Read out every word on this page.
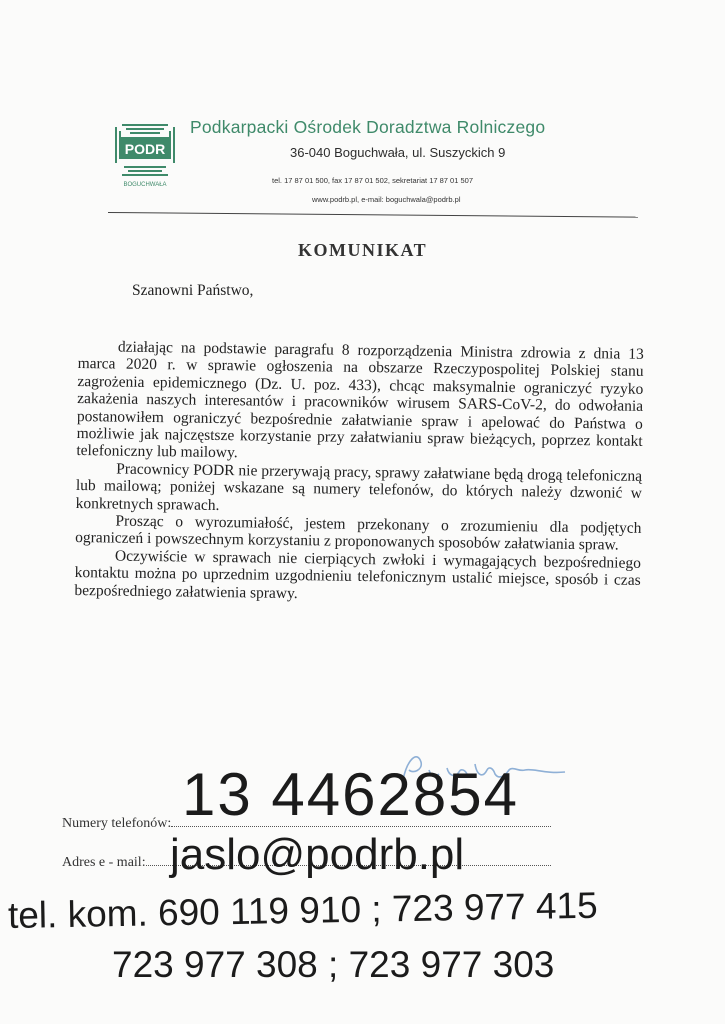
PODR
BOGUCHWAŁA
Podkarpacki Ośrodek Doradztwa Rolniczego
36-040 Boguchwała, ul. Suszyckich 9
tel. 17 87 01 500, fax 17 87 01 502, sekretariat 17 87 01 507
www.podrb.pl, e-mail: boguchwala@podrb.pl
KOMUNIKAT
Szanowni Państwo,

działając na podstawie paragrafu 8 rozporządzenia Ministra zdrowia z dnia 13 marca 2020 r. w sprawie ogłoszenia na obszarze Rzeczypospolitej Polskiej stanu zagrożenia epidemicznego (Dz. U. poz. 433), chcąc maksymalnie ograniczyć ryzyko zakażenia naszych interesantów i pracowników wirusem SARS-CoV-2, do odwołania postanowiłem ograniczyć bezpośrednie załatwianie spraw i apelować do Państwa o możliwie jak najczęstsze korzystanie przy załatwianiu spraw bieżących, poprzez kontakt telefoniczny lub mailowy.

Pracownicy PODR nie przerywają pracy, sprawy załatwiane będą drogą telefoniczną lub mailową; poniżej wskazane są numery telefonów, do których należy dzwonić w konkretnych sprawach.

Prosząc o wyrozumiałość, jestem przekonany o zrozumieniu dla podjętych ograniczeń i powszechnym korzystaniu z proponowanych sposobów załatwiania spraw.

Oczywiście w sprawach nie cierpiących zwłoki i wymagających bezpośredniego kontaktu można po uprzednim uzgodnieniu telefonicznym ustalić miejsce, sposób i czas bezpośredniego załatwienia sprawy.

Numery telefonów: 13 4462854
Adres e - mail: jaslo@podrb.pl
tel. kom. 690 119 910 ; 723 977 415
723 977 308 ; 723 977 303
